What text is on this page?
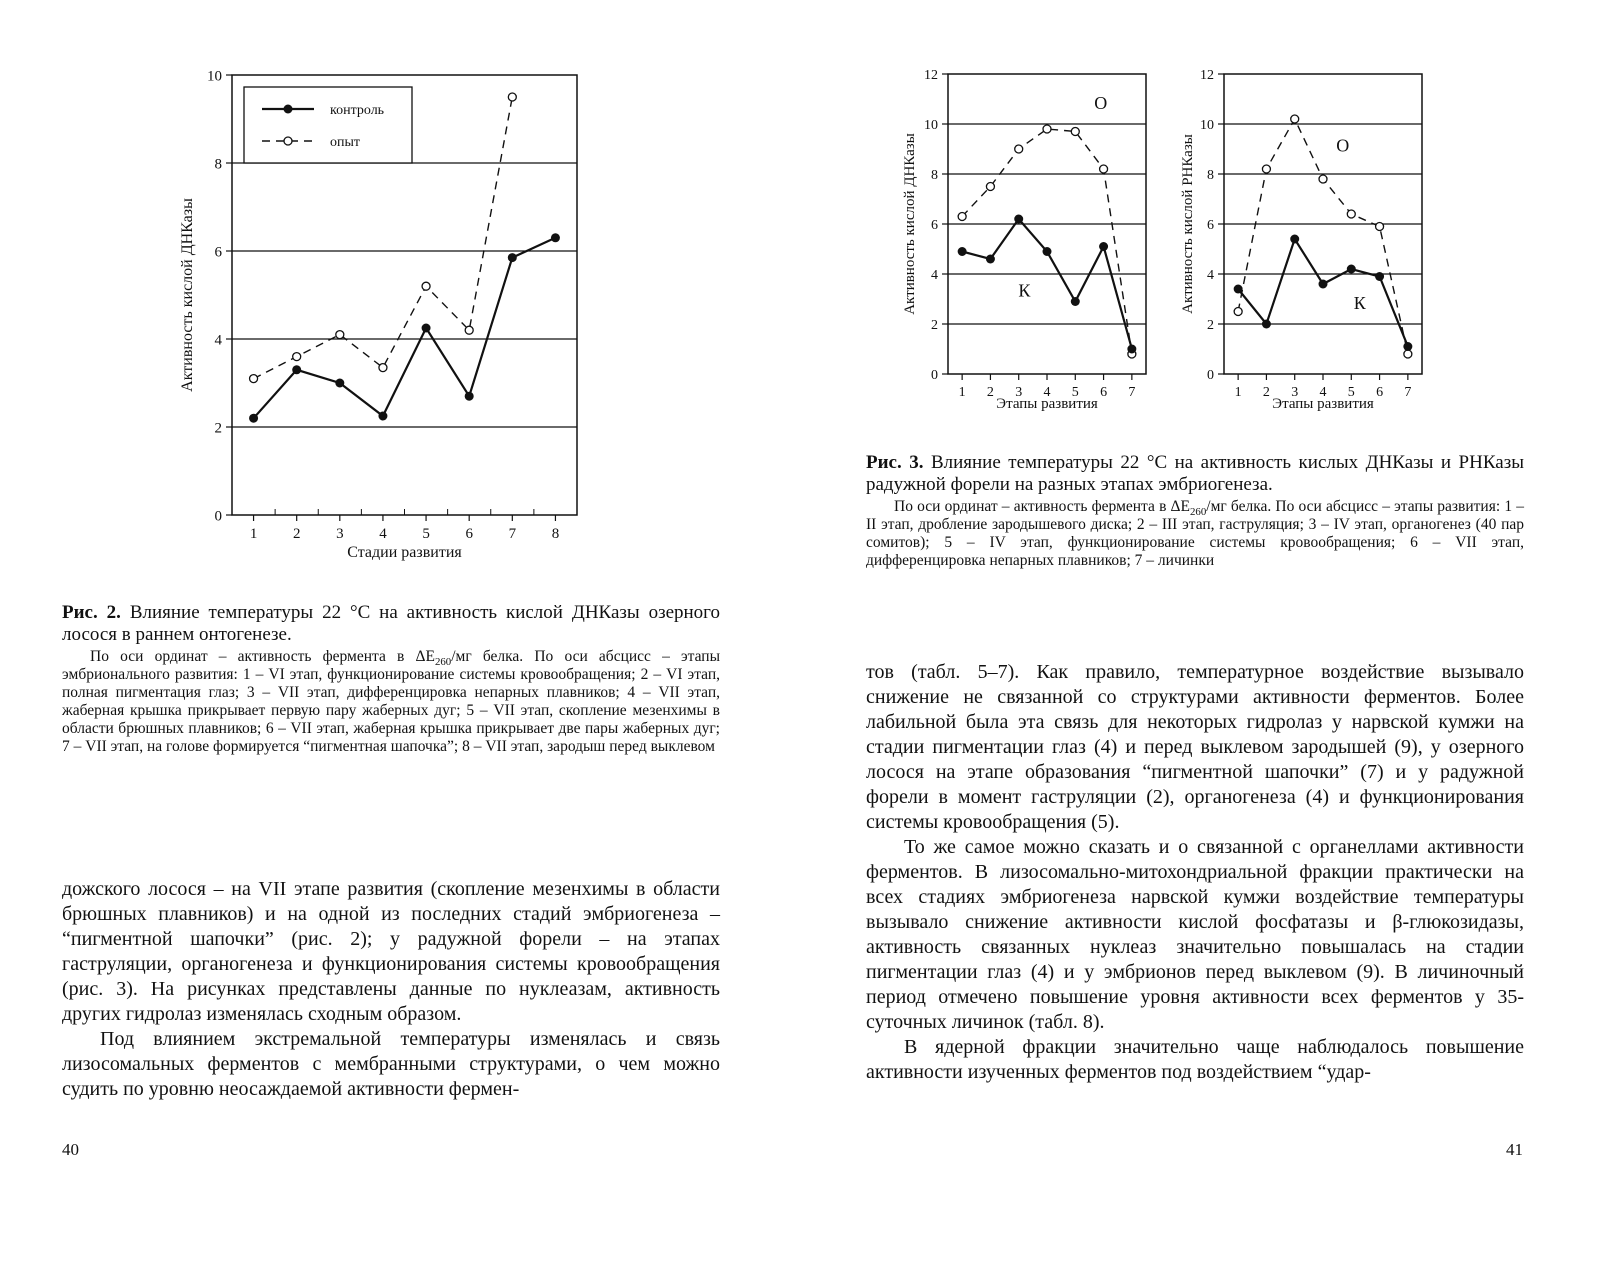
0
2
4
6
8
10
1 2 3 4 5 6 7 8
Стадии развития
Активность кислой ДНКазы
контроль
опыт
Рис. 2. Влияние температуры 22 °С на активность кислой ДНКазы озерного лосося в раннем онтогенезе.
По оси ординат – активность фермента в $\Delta E_{260}/мг$ белка. По оси абсцисс – этапы эмбрионального развития: 1 – VI этап, функционирование системы кровообращения; 2 – VI этап, полная пигментация глаз; 3 – VII этап, дифференцировка непарных плавников; 4 – VII этап, жаберная крышка прикрывает первую пару жаберных дуг; 5 – VII этап, скопление мезенхимы в области брюшных плавников; 6 – VII этап, жаберная крышка прикрывает две пары жаберных дуг; 7 – VII этап, на голове формируется “пигментная шапочка”; 8 – VII этап, зародыш перед выклевом

дожского лосося – на VII этапе развития (скопление мезенхимы в области брюшных плавников) и на одной из последних стадий эмбриогенеза – “пигментной шапочки” (рис. 2); у радужной форели – на этапах гаструляции, органогенеза и функционирования системы кровообращения (рис. 3). На рисунках представлены данные по нуклеазам, активность других гидролаз изменялась сходным образом.

Под влиянием экстремальной температуры изменялась и связь лизосомальных ферментов с мембранными структурами, о чем можно судить по уровню неосаждаемой активности фермен-

40
0
2
4
6
8
10
12
1 2 3 4 5 6 7
Этапы развития
Активность кислой ДНКазы
О
К
0
2
4
6
8
10
12
1 2 3 4 5 6 7
Этапы развития
Активность кислой РНКазы	О
К
Рис. 3. Влияние температуры 22 °С на активность кислых ДНКазы и РНКазы радужной форели на разных этапах эмбриогенеза.
По оси ординат – активность фермента в $\Delta E_{260}/мг$ белка. По оси абсцисс – этапы развития: 1 – II этап, дробление зародышевого диска; 2 – III этап, гаструляция; 3 – IV этап, органогенез (40 пар сомитов); 5 – IV этап, функционирование системы кровообращения; 6 – VII этап, дифференцировка непарных плавников; 7 – личинки

тов (табл. 5–7). Как правило, температурное воздействие вызывало снижение не связанной со структурами активности ферментов. Более лабильной была эта связь для некоторых гидролаз у нарвской кумжи на стадии пигментации глаз (4) и перед выклевом зародышей (9), у озерного лосося на этапе образования “пигментной шапочки” (7) и у радужной форели в момент гаструляции (2), органогенеза (4) и функционирования системы кровообращения (5).

То же самое можно сказать и о связанной с органеллами активности ферментов. В лизосомально-митохондриальной фракции практически на всех стадиях эмбриогенеза нарвской кумжи воздействие температуры вызывало снижение активности кислой фосфатазы и β-глюкозидазы, активность связанных нуклеаз значительно повышалась на стадии пигментации глаз (4) и у эмбрионов перед выклевом (9). В личиночный период отмечено повышение уровня активности всех ферментов у 35-суточных личинок (табл. 8).

В ядерной фракции значительно чаще наблюдалось повышение активности изученных ферментов под воздействием “удар-

41
